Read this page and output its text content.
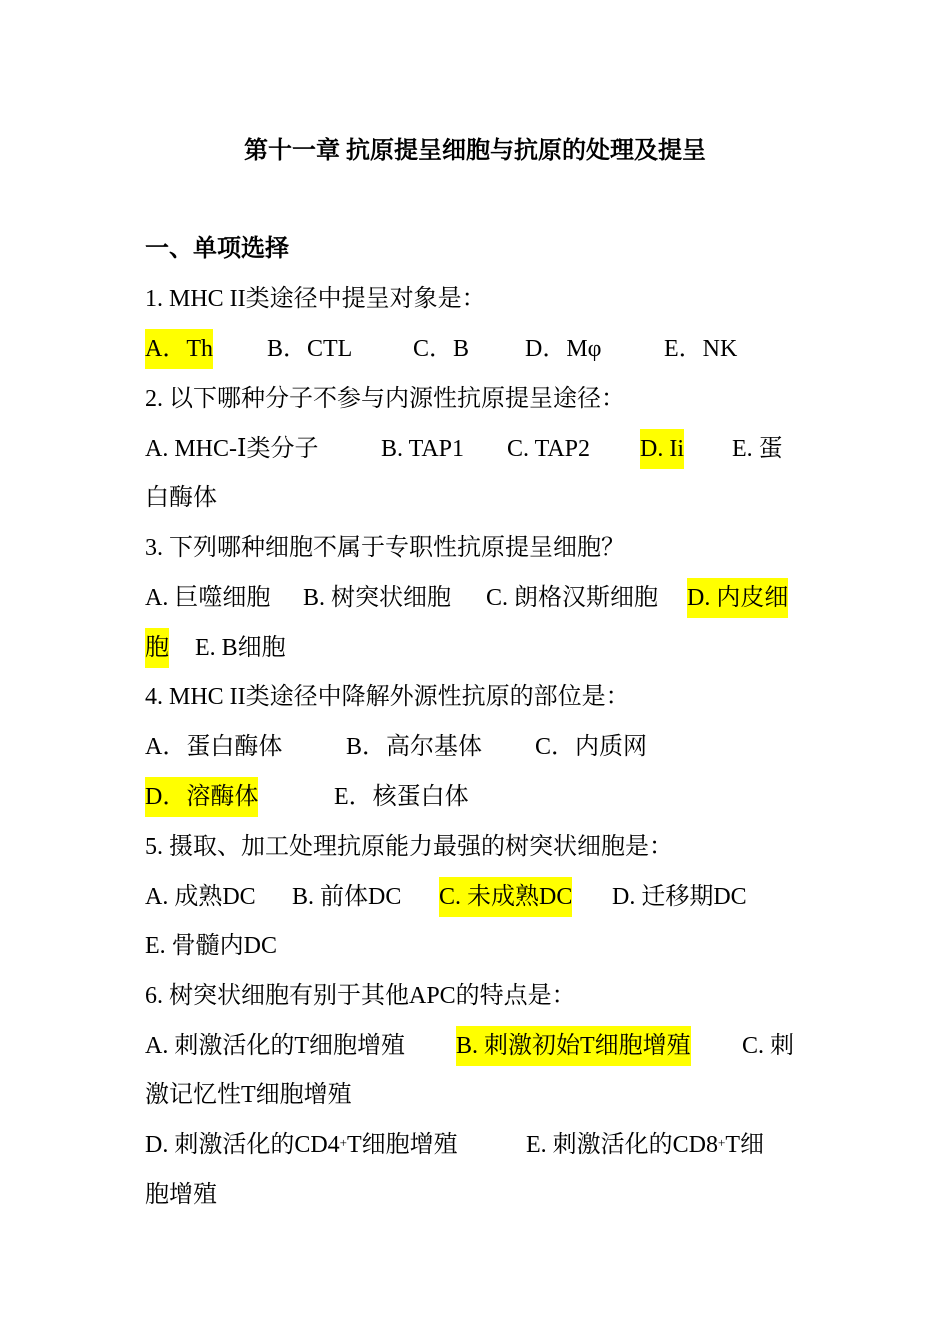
第十一章 抗原提呈细胞与抗原的处理及提呈
一、单项选择
1. MHC II类途径中提呈对象是：
A．Th B．CTL	C．B D．Mφ	E．NK
2. 以下哪种分子不参与内源性抗原提呈途径：
A. MHC-Ⅰ类分子	B. TAP1 C. TAP2 D. Ii E. 蛋
白酶体
3. 下列哪种细胞不属于专职性抗原提呈细胞？
A. 巨噬细胞 B. 树突状细胞 C. 朗格汉斯细胞 D. 内皮细
胞 E. B细胞
4. MHC II类途径中降解外源性抗原的部位是：
A．蛋白酶体	B．高尔基体 C．内质网
D．溶酶体	E．核蛋白体
5. 摄取、加工处理抗原能力最强的树突状细胞是：
A. 成熟DC B. 前体DC C. 未成熟DC D. 迁移期DC
E. 骨髓内DC
6. 树突状细胞有别于其他APC的特点是：
A. 刺激活化的T细胞增殖 B. 刺激初始T细胞增殖 C. 刺
激记忆性T细胞增殖
D. 刺激活化的CD4+T细胞增殖	E. 刺激活化的CD8+T细
胞增殖
